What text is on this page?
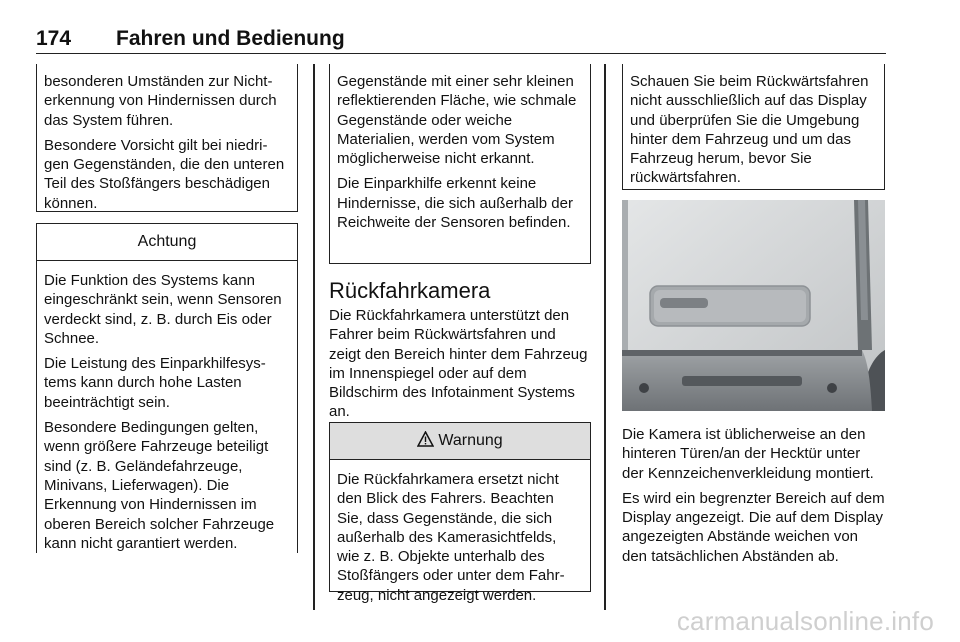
174 Fahren und Bedienung

besonderen Umständen zur Nichterkennung von Hindernissen durch das System führen.

Besondere Vorsicht gilt bei niedrigen Gegenständen, die den unteren Teil des Stoßfängers beschädigen können.

Achtung

Die Funktion des Systems kann eingeschränkt sein, wenn Sensoren verdeckt sind, z. B. durch Eis oder Schnee.

Die Leistung des Einparkhilfesystems kann durch hohe Lasten beeinträchtigt sein.

Besondere Bedingungen gelten, wenn größere Fahrzeuge beteiligt sind (z. B. Geländefahrzeuge, Minivans, Lieferwagen). Die Erkennung von Hindernissen im oberen Bereich solcher Fahrzeuge kann nicht garantiert werden.

Gegenstände mit einer sehr kleinen reflektierenden Fläche, wie schmale Gegenstände oder weiche Materialien, werden vom System möglicherweise nicht erkannt.

Die Einparkhilfe erkennt keine Hindernisse, die sich außerhalb der Reichweite der Sensoren befinden.

Rückfahrkamera

Die Rückfahrkamera unterstützt den Fahrer beim Rückwärtsfahren und zeigt den Bereich hinter dem Fahrzeug im Innenspiegel oder auf dem Bildschirm des Infotainment Systems an.

Warnung

Die Rückfahrkamera ersetzt nicht den Blick des Fahrers. Beachten Sie, dass Gegenstände, die sich außerhalb des Kamerasichtfelds, wie z. B. Objekte unterhalb des Stoßfängers oder unter dem Fahrzeug, nicht angezeigt werden.

Schauen Sie beim Rückwärtsfahren nicht ausschließlich auf das Display und überprüfen Sie die Umgebung hinter dem Fahrzeug und um das Fahrzeug herum, bevor Sie rückwärtsfahren.

Die Kamera ist üblicherweise an den hinteren Türen/an der Hecktür unter der Kennzeichenverkleidung montiert.

Es wird ein begrenzter Bereich auf dem Display angezeigt. Die auf dem Display angezeigten Abstände weichen von den tatsächlichen Abständen ab.

carmanualsonline.info
